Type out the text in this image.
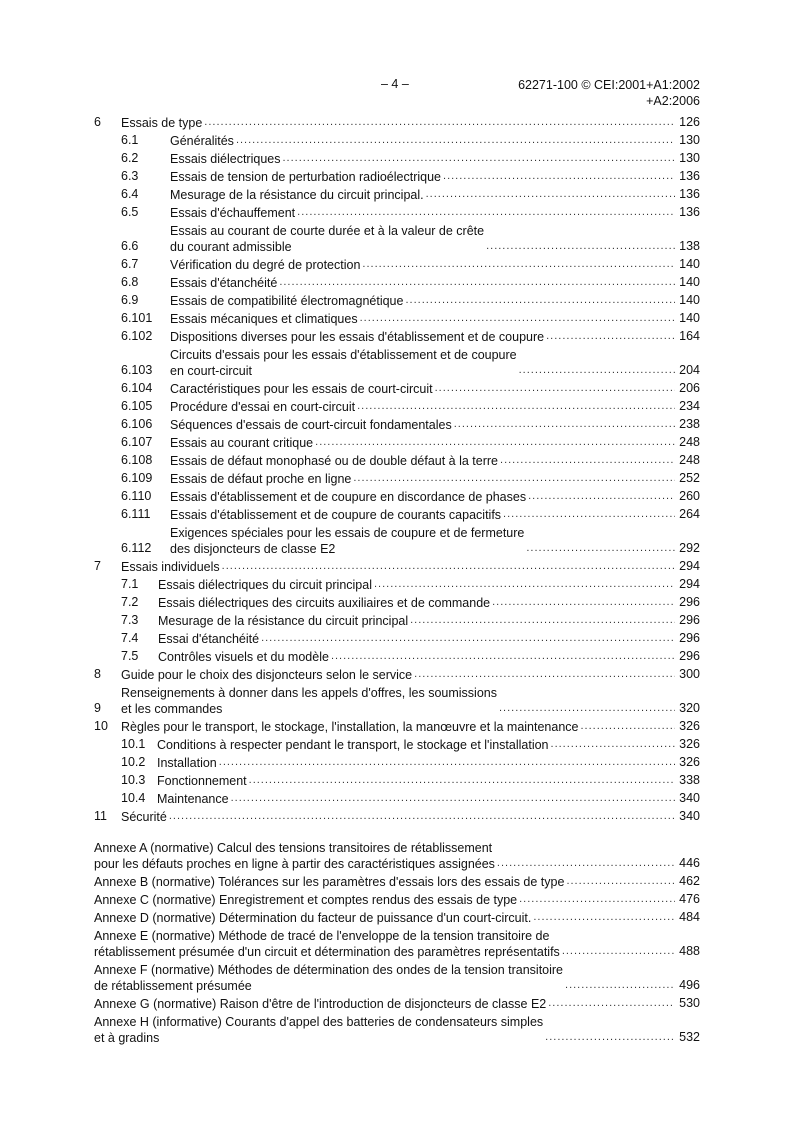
– 4 –	62271-100 © CEI:2001+A1:2002
+A2:2006
6	Essais de type .....	126
6.1	Généralités .....	130
6.2	Essais diélectriques .....	130
6.3	Essais de tension de perturbation radioélectrique .....	136
6.4	Mesurage de la résistance du circuit principal. .....	136
6.5	Essais d'échauffement .....	136
6.6
Essais au courant de courte durée et à la valeur de crête
du courant admissible .....	138
6.7	Vérification du degré de protection .....	140
6.8	Essais d'étanchéité .....	140
6.9	Essais de compatibilité électromagnétique .....	140
6.101	Essais mécaniques et climatiques .....	140
6.102	Dispositions diverses pour les essais d'établissement et de coupure .....	164
6.103
Circuits d'essais pour les essais d'établissement et de coupure
en court-circuit .....	204
6.104	Caractéristiques pour les essais de court-circuit .....	206
6.105	Procédure d'essai en court-circuit .....	234
6.106	Séquences d'essais de court-circuit fondamentales .....	238
6.107	Essais au courant critique .....	248
6.108	Essais de défaut monophasé ou de double défaut à la terre .....	248
6.109	Essais de défaut proche en ligne .....	252
6.110	Essais d'établissement et de coupure en discordance de phases .....	260
6.111	Essais d'établissement et de coupure de courants capacitifs .....	264
6.112
Exigences spéciales pour les essais de coupure et de fermeture
des disjoncteurs de classe E2 .....	292
7	Essais individuels .....	294
7.1	Essais diélectriques du circuit principal .....	294
7.2	Essais diélectriques des circuits auxiliaires et de commande .....	296
7.3	Mesurage de la résistance du circuit principal .....	296
7.4	Essai d'étanchéité .....	296
7.5	Contrôles visuels et du modèle .....	296
8	Guide pour le choix des disjoncteurs selon le service .....	300
9
Renseignements à donner dans les appels d'offres, les soumissions
et les commandes .....	320
10	Règles pour le transport, le stockage, l'installation, la manœuvre et la maintenance .....	326
10.1 Conditions à respecter pendant le transport, le stockage et l'installation .....	326
10.2 Installation .....	326
10.3 Fonctionnement .....	338
10.4 Maintenance .....	340
11	Sécurité .....	340
Annexe A (normative) Calcul des tensions transitoires de rétablissement
pour les défauts proches en ligne à partir des caractéristiques assignées .....	446
Annexe B (normative) Tolérances sur les paramètres d'essais lors des essais de type .....	462
Annexe C (normative) Enregistrement et comptes rendus des essais de type .....	476
Annexe D (normative) Détermination du facteur de puissance d'un court-circuit. .....	484
Annexe E (normative) Méthode de tracé de l'enveloppe de la tension transitoire de
rétablissement présumée d'un circuit et détermination des paramètres représentatifs .....	488
Annexe F (normative) Méthodes de détermination des ondes de la tension transitoire
de rétablissement présumée .....	496
Annexe G (normative) Raison d'être de l'introduction de disjoncteurs de classe E2 .....	530
Annexe H (informative) Courants d'appel des batteries de condensateurs simples
et à gradins .....	532
